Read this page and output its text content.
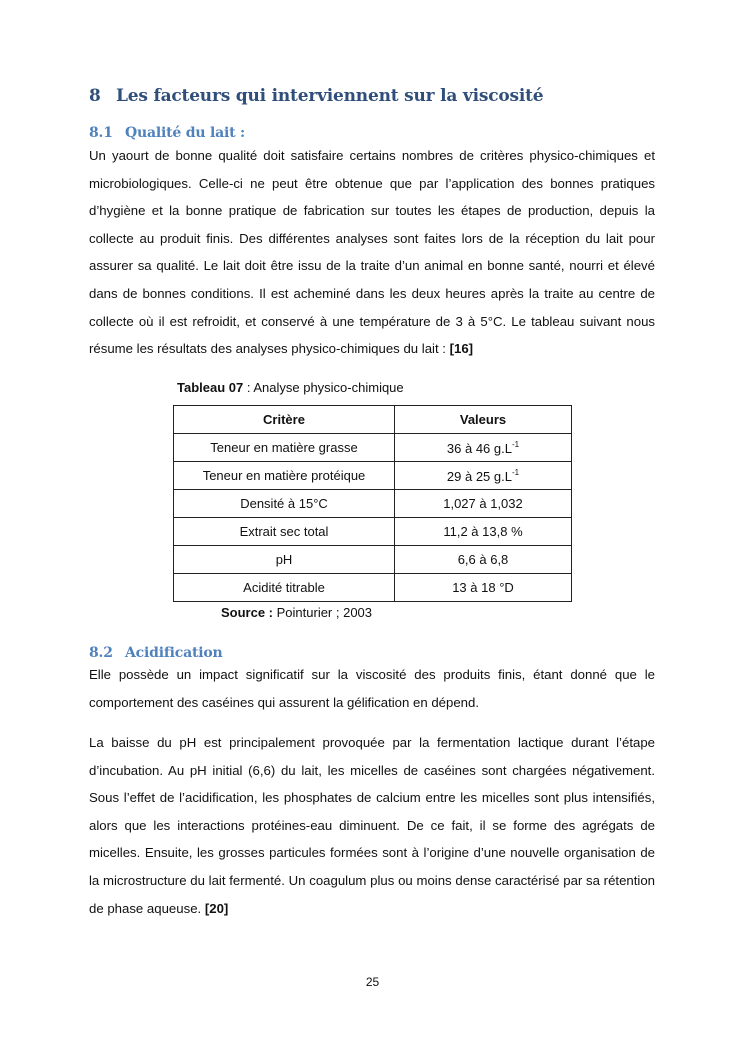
8 Les facteurs qui interviennent sur la viscosité
8.1 Qualité du lait :
Un yaourt de bonne qualité doit satisfaire certains nombres de critères physico-chimiques et microbiologiques. Celle-ci ne peut être obtenue que par l’application des bonnes pratiques d’hygiène et la bonne pratique de fabrication sur toutes les étapes de production, depuis la collecte au produit finis. Des différentes analyses sont faites lors de la réception du lait pour assurer sa qualité. Le lait doit être issu de la traite d’un animal en bonne santé, nourri et élevé dans de bonnes conditions. Il est acheminé dans les deux heures après la traite au centre de collecte où il est refroidit, et conservé à une température de 3 à 5°C. Le tableau suivant nous résume les résultats des analyses physico-chimiques du lait : [16]
Tableau 07 : Analyse physico-chimique
Critère	Valeurs
Teneur en matière grasse	36 à 46 $g.L^{-1}$
Teneur en matière protéique	29 à 25 $g.L^{-1}$
Densité à 15°C	1,027 à 1,032
Extrait sec total	11,2 à 13,8 %
pH	6,6 à 6,8
Acidité titrable	13 à 18 °D
Source : Pointurier ; 2003
8.2 Acidification
Elle possède un impact significatif sur la viscosité des produits finis, étant donné que le comportement des caséines qui assurent la gélification en dépend.
La baisse du pH est principalement provoquée par la fermentation lactique durant l’étape d’incubation. Au pH initial (6,6) du lait, les micelles de caséines sont chargées négativement. Sous l’effet de l’acidification, les phosphates de calcium entre les micelles sont plus intensifiés, alors que les interactions protéines-eau diminuent. De ce fait, il se forme des agrégats de micelles. Ensuite, les grosses particules formées sont à l’origine d’une nouvelle organisation de la microstructure du lait fermenté. Un coagulum plus ou moins dense caractérisé par sa rétention de phase aqueuse. [20]
25
